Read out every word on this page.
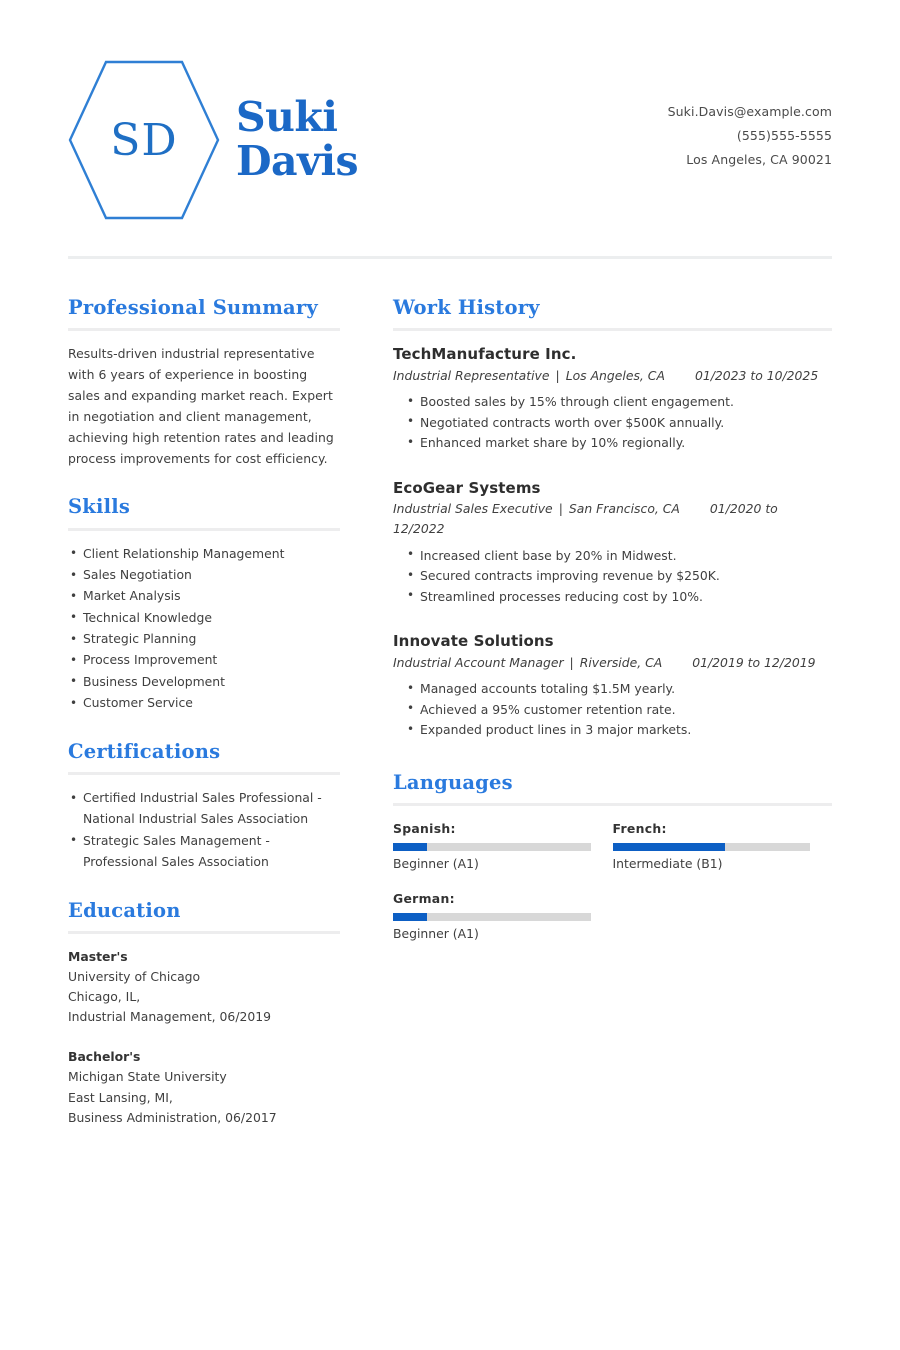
SD Suki
Davis
Suki.Davis@example.com
(555)555-5555
Los Angeles, CA 90021
Professional Summary
Results-driven industrial representative with 6 years of experience in boosting sales and expanding market reach. Expert in negotiation and client management, achieving high retention rates and leading process improvements for cost efficiency.
Skills
• Client Relationship Management
• Sales Negotiation
• Market Analysis
• Technical Knowledge
• Strategic Planning
• Process Improvement
• Business Development
• Customer Service
Certifications
• Certified Industrial Sales Professional - National Industrial Sales Association
• Strategic Sales Management - Professional Sales Association
Education
Master's
University of Chicago
Chicago, IL,
Industrial Management, 06/2019
Bachelor's
Michigan State University
East Lansing, MI,
Business Administration, 06/2017
Work History
TechManufacture Inc.
Industrial Representative | Los Angeles, CA 01/2023 to 10/2025
• Boosted sales by 15% through client engagement.
• Negotiated contracts worth over $500K annually.
• Enhanced market share by 10% regionally.
EcoGear Systems
Industrial Sales Executive | San Francisco, CA 01/2020 to 12/2022
• Increased client base by 20% in Midwest.
• Secured contracts improving revenue by $250K.
• Streamlined processes reducing cost by 10%.
Innovate Solutions
Industrial Account Manager | Riverside, CA 01/2019 to 12/2019
• Managed accounts totaling $1.5M yearly.
• Achieved a 95% customer retention rate.
• Expanded product lines in 3 major markets.
Languages
Spanish:
Beginner (A1)
French:
Intermediate (B1)
German:
Beginner (A1)
